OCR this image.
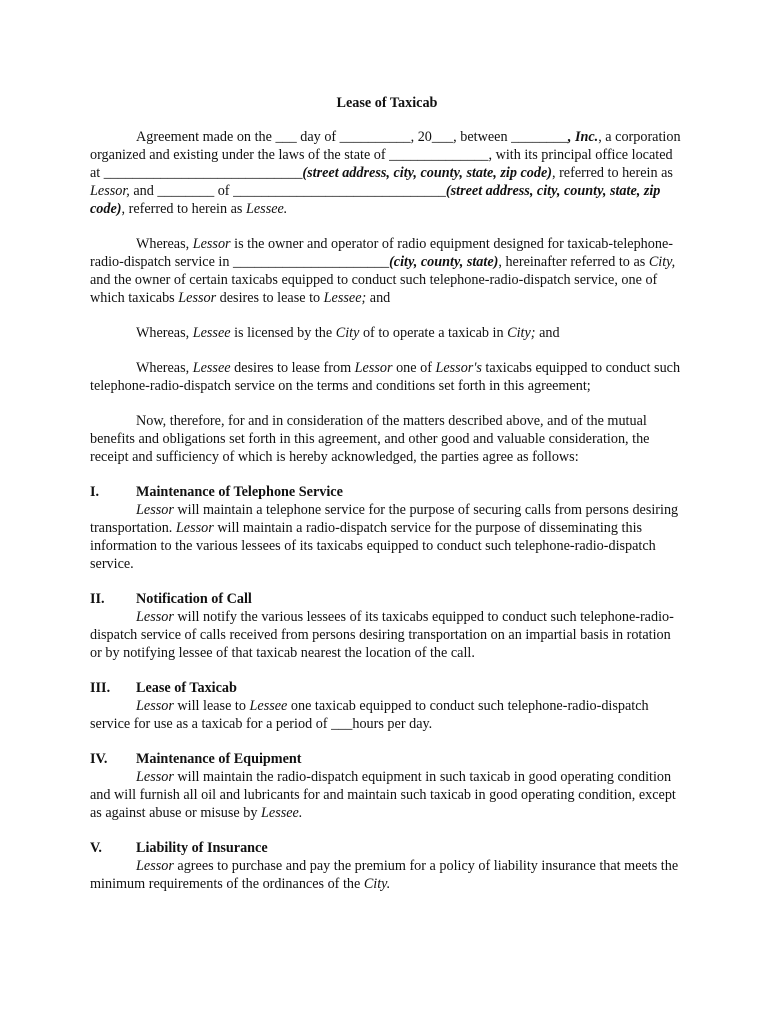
Lease of Taxicab

Agreement made on the ___ day of __________, 20___, between ________, Inc., a corporation organized and existing under the laws of the state of ______________, with its principal office located at ____________________________(street address, city, county, state, zip code), referred to herein as Lessor, and ________ of ______________________________(street address, city, county, state, zip code), referred to herein as Lessee.

Whereas, Lessor is the owner and operator of radio equipment designed for taxicab-telephone-radio-dispatch service in ______________________(city, county, state), hereinafter referred to as City, and the owner of certain taxicabs equipped to conduct such telephone-radio-dispatch service, one of which taxicabs Lessor desires to lease to Lessee; and

Whereas, Lessee is licensed by the City of to operate a taxicab in City; and

Whereas, Lessee desires to lease from Lessor one of Lessor's taxicabs equipped to conduct such telephone-radio-dispatch service on the terms and conditions set forth in this agreement;

Now, therefore, for and in consideration of the matters described above, and of the mutual benefits and obligations set forth in this agreement, and other good and valuable consideration, the receipt and sufficiency of which is hereby acknowledged, the parties agree as follows:

I.	Maintenance of Telephone Service
Lessor will maintain a telephone service for the purpose of securing calls from persons desiring transportation. Lessor will maintain a radio-dispatch service for the purpose of disseminating this information to the various lessees of its taxicabs equipped to conduct such telephone-radio-dispatch service.
II.	Notification of Call
Lessor will notify the various lessees of its taxicabs equipped to conduct such telephone-radio-dispatch service of calls received from persons desiring transportation on an impartial basis in rotation or by notifying lessee of that taxicab nearest the location of the call.
III.	Lease of Taxicab
Lessor will lease to Lessee one taxicab equipped to conduct such telephone-radio-dispatch service for use as a taxicab for a period of ___hours per day.
IV.	Maintenance of Equipment
Lessor will maintain the radio-dispatch equipment in such taxicab in good operating condition and will furnish all oil and lubricants for and maintain such taxicab in good operating condition, except as against abuse or misuse by Lessee.
V.	Liability of Insurance
Lessor agrees to purchase and pay the premium for a policy of liability insurance that meets the minimum requirements of the ordinances of the City.
